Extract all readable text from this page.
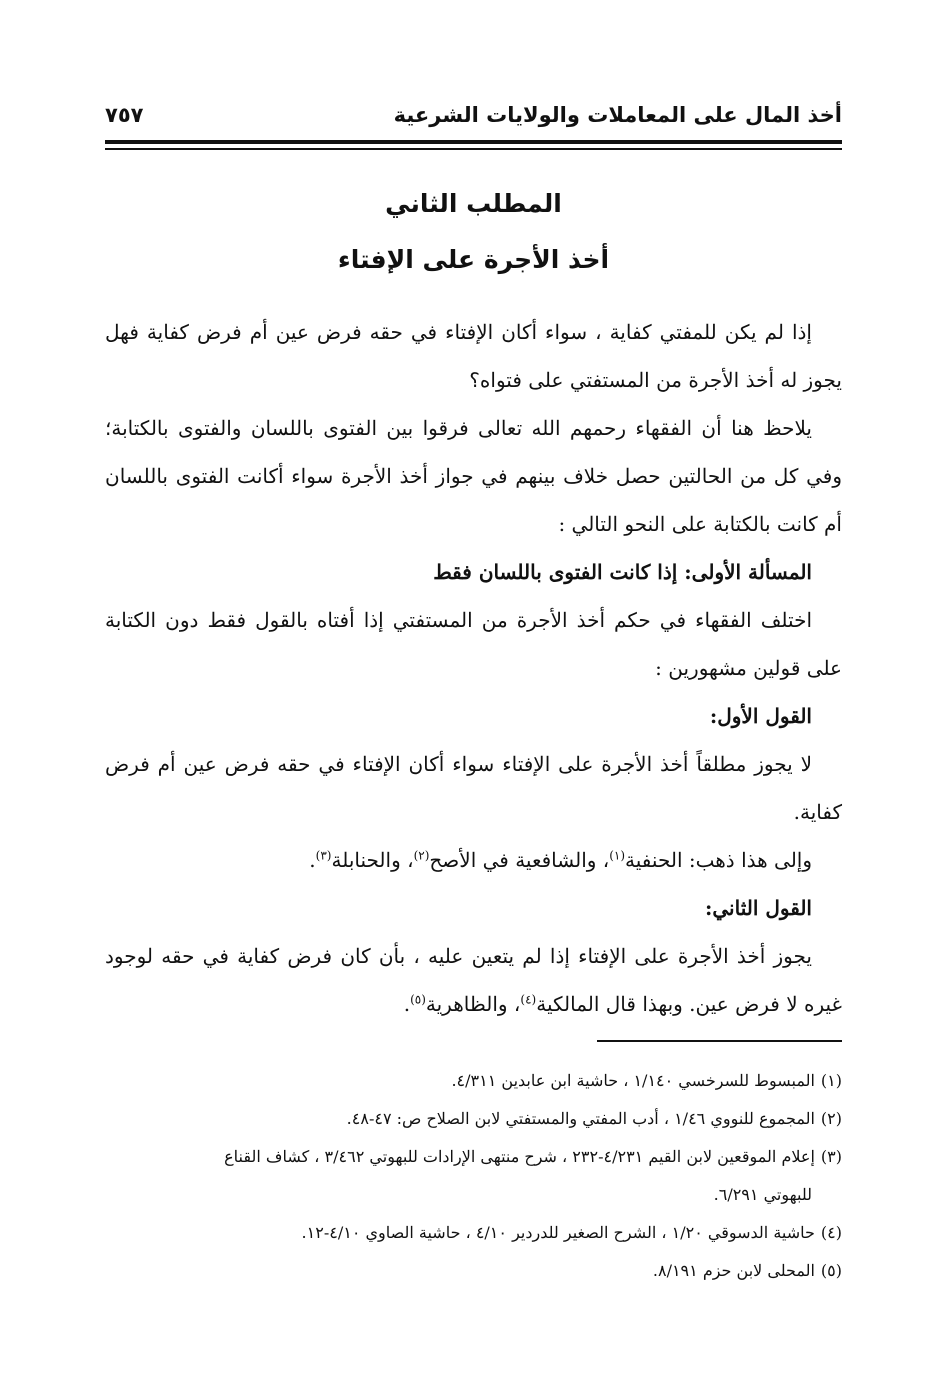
أخذ المال على المعاملات والولايات الشرعية
٧٥٧
المطلب الثاني
أخذ الأجرة على الإفتاء

إذا لم يكن للمفتي كفاية ، سواء أكان الإفتاء في حقه فرض عين أم فرض كفاية فهل يجوز له أخذ الأجرة من المستفتي على فتواه؟

يلاحظ هنا أن الفقهاء رحمهم الله تعالى فرقوا بين الفتوى باللسان والفتوى بالكتابة؛ وفي كل من الحالتين حصل خلاف بينهم في جواز أخذ الأجرة سواء أكانت الفتوى باللسان أم كانت بالكتابة على النحو التالي :

المسألة الأولى: إذا كانت الفتوى باللسان فقط

اختلف الفقهاء في حكم أخذ الأجرة من المستفتي إذا أفتاه بالقول فقط دون الكتابة على قولين مشهورين :

القول الأول:

لا يجوز مطلقاً أخذ الأجرة على الإفتاء سواء أكان الإفتاء في حقه فرض عين أم فرض كفاية.

وإلى هذا ذهب: الحنفية$^{(١)}$، والشافعية في الأصح$^{(٢)}$، والحنابلة$^{(٣)}$.

القول الثاني:

يجوز أخذ الأجرة على الإفتاء إذا لم يتعين عليه ، بأن كان فرض كفاية في حقه لوجود غيره لا فرض عين. وبهذا قال المالكية$^{(٤)}$، والظاهرية$^{(٥)}$.

(١)المبسوط للسرخسي ١/١٤٠ ، حاشية ابن عابدين ٤/٣١١.
(٢)المجموع للنووي ١/٤٦ ، أدب المفتي والمستفتي لابن الصلاح ص: ٤٧-٤٨.
(٣)إعلام الموقعين لابن القيم ٤/٢٣١-٢٣٢ ، شرح منتهى الإرادات للبهوتي ٣/٤٦٢ ، كشاف القناع
للبهوتي ٦/٢٩١.
(٤)حاشية الدسوقي ١/٢٠ ، الشرح الصغير للدردير ٤/١٠ ، حاشية الصاوي ٤/١٠-١٢.
(٥)المحلى لابن حزم ٨/١٩١.
